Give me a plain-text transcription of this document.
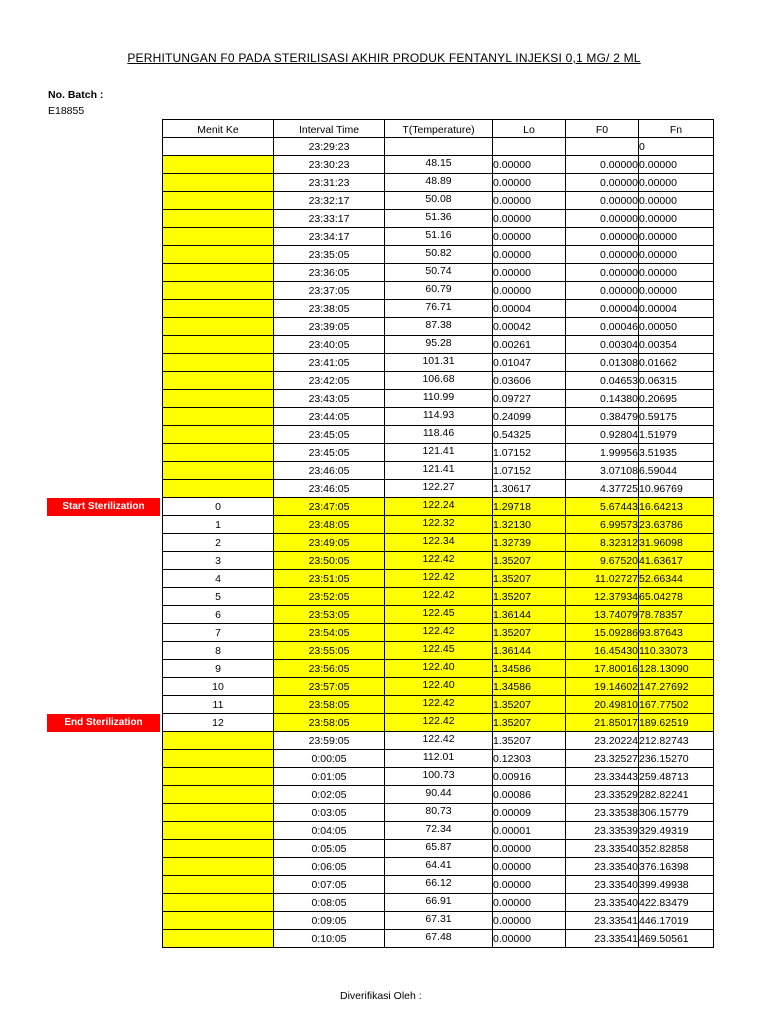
PERHITUNGAN F0 PADA STERILISASI AKHIR PRODUK FENTANYL INJEKSI 0,1 MG/ 2 ML
No. Batch :
E18855
Menit Ke	Interval Time	T(Temperature)	Lo	F0	Fn
	23:29:23				0
	23:30:23	48.15	0.00000	0.00000	0.00000
	23:31:23	48.89	0.00000	0.00000	0.00000
	23:32:17	50.08	0.00000	0.00000	0.00000
	23:33:17	51.36	0.00000	0.00000	0.00000
	23:34:17	51.16	0.00000	0.00000	0.00000
	23:35:05	50.82	0.00000	0.00000	0.00000
	23:36:05	50.74	0.00000	0.00000	0.00000
	23:37:05	60.79	0.00000	0.00000	0.00000
	23:38:05	76.71	0.00004	0.00004	0.00004
	23:39:05	87.38	0.00042	0.00046	0.00050
	23:40:05	95.28	0.00261	0.00304	0.00354
	23:41:05	101.31	0.01047	0.01308	0.01662
	23:42:05	106.68	0.03606	0.04653	0.06315
	23:43:05	110.99	0.09727	0.14380	0.20695
	23:44:05	114.93	0.24099	0.38479	0.59175
	23:45:05	118.46	0.54325	0.92804	1.51979
	23:45:05	121.41	1.07152	1.99956	3.51935
	23:46:05	121.41	1.07152	3.07108	6.59044
	23:46:05	122.27	1.30617	4.37725	10.96769
0	23:47:05	122.24	1.29718	5.67443	16.64213
1	23:48:05	122.32	1.32130	6.99573	23.63786
2	23:49:05	122.34	1.32739	8.32312	31.96098
3	23:50:05	122.42	1.35207	9.67520	41.63617
4	23:51:05	122.42	1.35207	11.02727	52.66344
5	23:52:05	122.42	1.35207	12.37934	65.04278
6	23:53:05	122.45	1.36144	13.74079	78.78357
7	23:54:05	122.42	1.35207	15.09286	93.87643
8	23:55:05	122.45	1.36144	16.45430	110.33073
9	23:56:05	122.40	1.34586	17.80016	128.13090
10	23:57:05	122.40	1.34586	19.14602	147.27692
11	23:58:05	122.42	1.35207	20.49810	167.77502
12	23:58:05	122.42	1.35207	21.85017	189.62519
	23:59:05	122.42	1.35207	23.20224	212.82743
	0:00:05	112.01	0.12303	23.32527	236.15270
	0:01:05	100.73	0.00916	23.33443	259.48713
	0:02:05	90.44	0.00086	23.33529	282.82241
	0:03:05	80.73	0.00009	23.33538	306.15779
	0:04:05	72.34	0.00001	23.33539	329.49319
	0:05:05	65.87	0.00000	23.33540	352.82858
	0:06:05	64.41	0.00000	23.33540	376.16398
	0:07:05	66.12	0.00000	23.33540	399.49938
	0:08:05	66.91	0.00000	23.33540	422.83479
	0:09:05	67.31	0.00000	23.33541	446.17019
	0:10:05	67.48	0.00000	23.33541	469.50561
Start Sterilization
End Sterilization
Diverifikasi Oleh :
